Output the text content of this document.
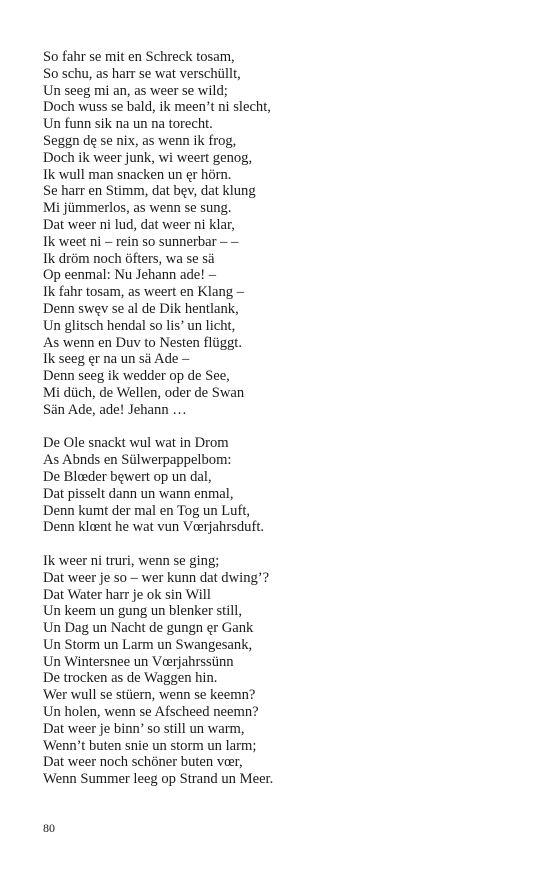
So fahr se mit en Schreck tosam,
So schu, as harr se wat verschüllt,
Un seeg mi an, as weer se wild;
Doch wuss se bald, ik meen’t ni slecht,
Un funn sik na un na torecht.
Seggn dę se nix, as wenn ik frog,
Doch ik weer junk, wi weert genog,
Ik wull man snacken un ęr hörn.
Se harr en Stimm, dat bęv, dat klung
Mi jümmerlos, as wenn se sung.
Dat weer ni lud, dat weer ni klar,
Ik weet ni – rein so sunnerbar – –
Ik dröm noch öfters, wa se sä
Op eenmal: Nu Jehann ade! –
Ik fahr tosam, as weert en Klang –
Denn swęv se al de Dik hentlank,
Un glitsch hendal so lis’ un licht,
As wenn en Duv to Nesten flüggt.
Ik seeg ęr na un sä Ade –
Denn seeg ik wedder op de See,
Mi düch, de Wellen, oder de Swan
Sän Ade, ade! Jehann …
De Ole snackt wul wat in Drom
As Abnds en Sülwerpappelbom:
De Blœder bęwert op un dal,
Dat pisselt dann un wann enmal,
Denn kumt der mal en Tog un Luft,
Denn klœnt he wat vun Vœrjahrsduft.
Ik weer ni truri, wenn se ging;
Dat weer je so – wer kunn dat dwing’?
Dat Water harr je ok sin Will
Un keem un gung un blenker still,
Un Dag un Nacht de gungn ęr Gank
Un Storm un Larm un Swangesank,
Un Wintersnee un Vœrjahrssünn
De trocken as de Waggen hin.
Wer wull se stüern, wenn se keemn?
Un holen, wenn se Afscheed neemn?
Dat weer je binn’ so still un warm,
Wenn’t buten snie un storm un larm;
Dat weer noch schöner buten vœr,
Wenn Summer leeg op Strand un Meer.
80
